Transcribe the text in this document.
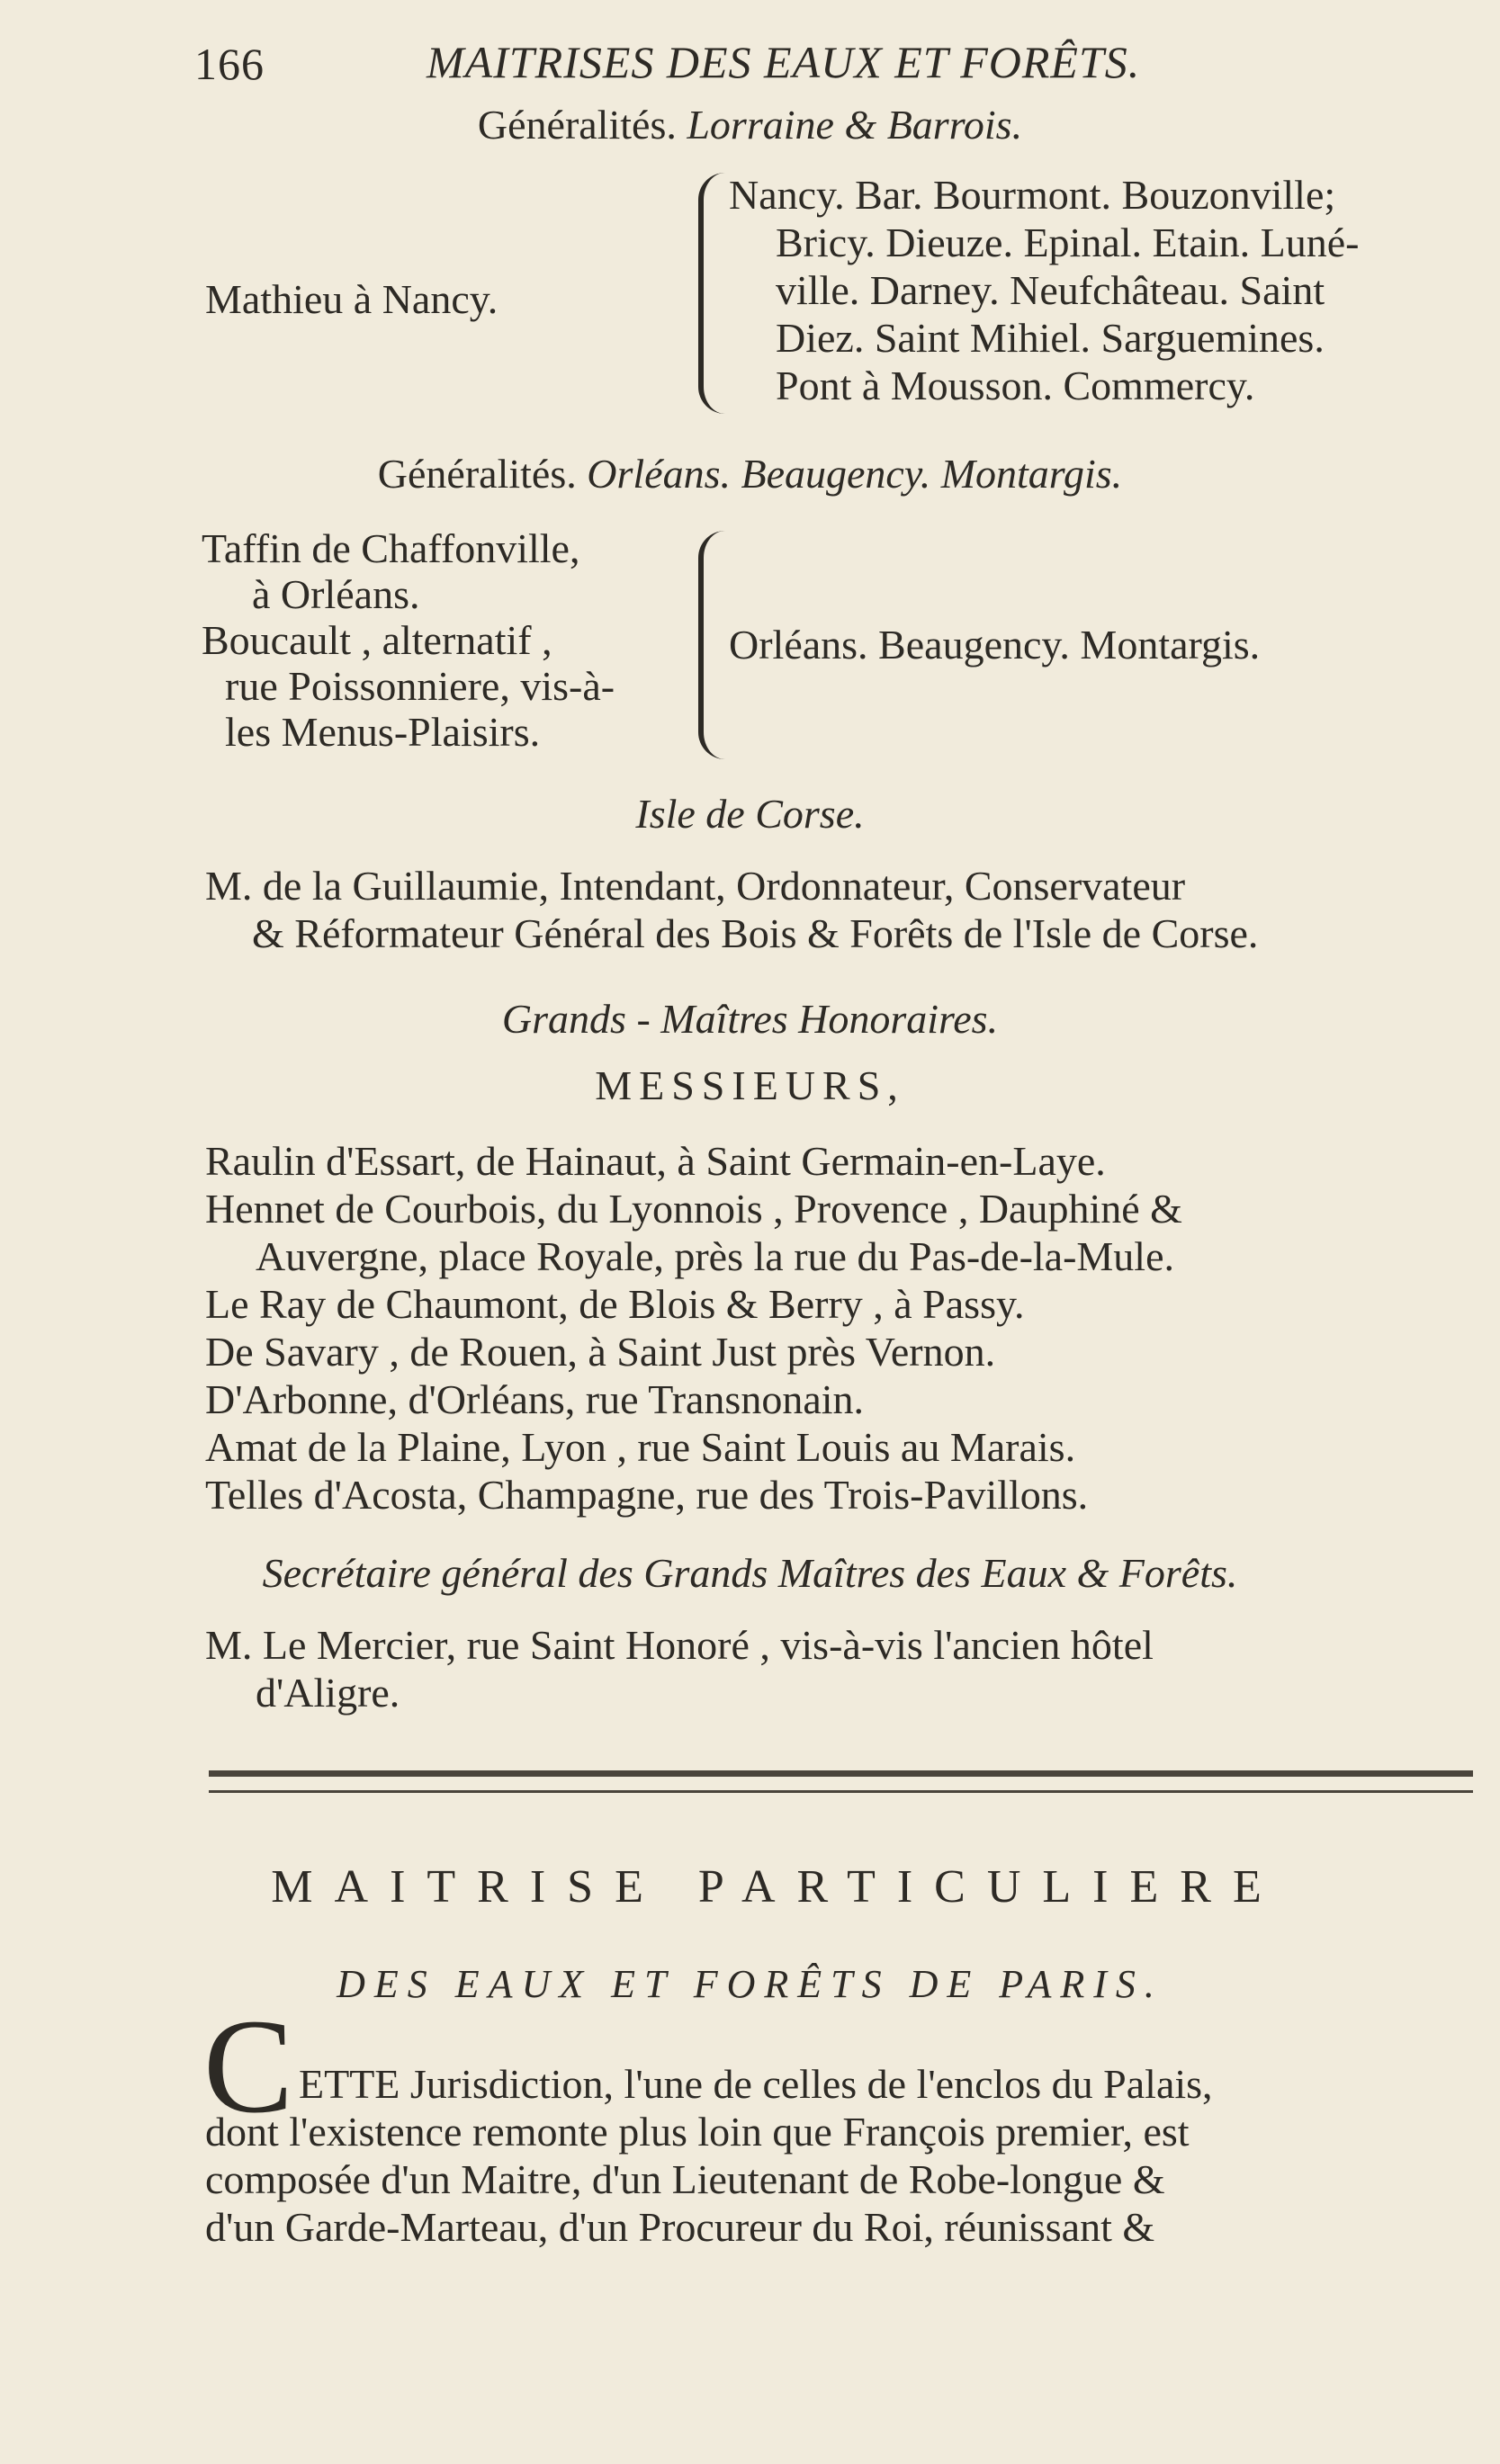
166	MAITRISES DES EAUX ET FORÊTS.
Généralités. Lorraine & Barrois.
Mathieu à Nancy.
Nancy. Bar. Bourmont. Bouzonville;
Bricy. Dieuze. Epinal. Etain. Luné-
ville. Darney. Neufchâteau. Saint
Diez. Saint Mihiel. Sarguemines.
Pont à Mousson. Commercy.
Généralités. Orléans. Beaugency. Montargis.
Taffin de Chaffonville,
à Orléans.
Boucault , alternatif ,
rue Poissonniere, vis-à-
les Menus-Plaisirs.
Orléans. Beaugency. Montargis.
Isle de Corse.
M. de la Guillaumie, Intendant, Ordonnateur, Conservateur
& Réformateur Général des Bois & Forêts de l'Isle de Corse.
Grands - Maîtres Honoraires.
MESSIEURS,
Raulin d'Essart, de Hainaut, à Saint Germain-en-Laye.
Hennet de Courbois, du Lyonnois , Provence , Dauphiné &
Auvergne, place Royale, près la rue du Pas-de-la-Mule.
Le Ray de Chaumont, de Blois & Berry , à Passy.
De Savary , de Rouen, à Saint Just près Vernon.
D'Arbonne, d'Orléans, rue Transnonain.
Amat de la Plaine, Lyon , rue Saint Louis au Marais.
Telles d'Acosta, Champagne, rue des Trois-Pavillons.
Secrétaire général des Grands Maîtres des Eaux & Forêts.
M. Le Mercier, rue Saint Honoré , vis-à-vis l'ancien hôtel
d'Aligre.
MAITRISE PARTICULIERE
DES EAUX ET FORÊTS DE PARIS.
C ETTE Jurisdiction, l'une de celles de l'enclos du Palais,
dont l'existence remonte plus loin que François premier, est
composée d'un Maitre, d'un Lieutenant de Robe-longue &
d'un Garde-Marteau, d'un Procureur du Roi, réunissant &
